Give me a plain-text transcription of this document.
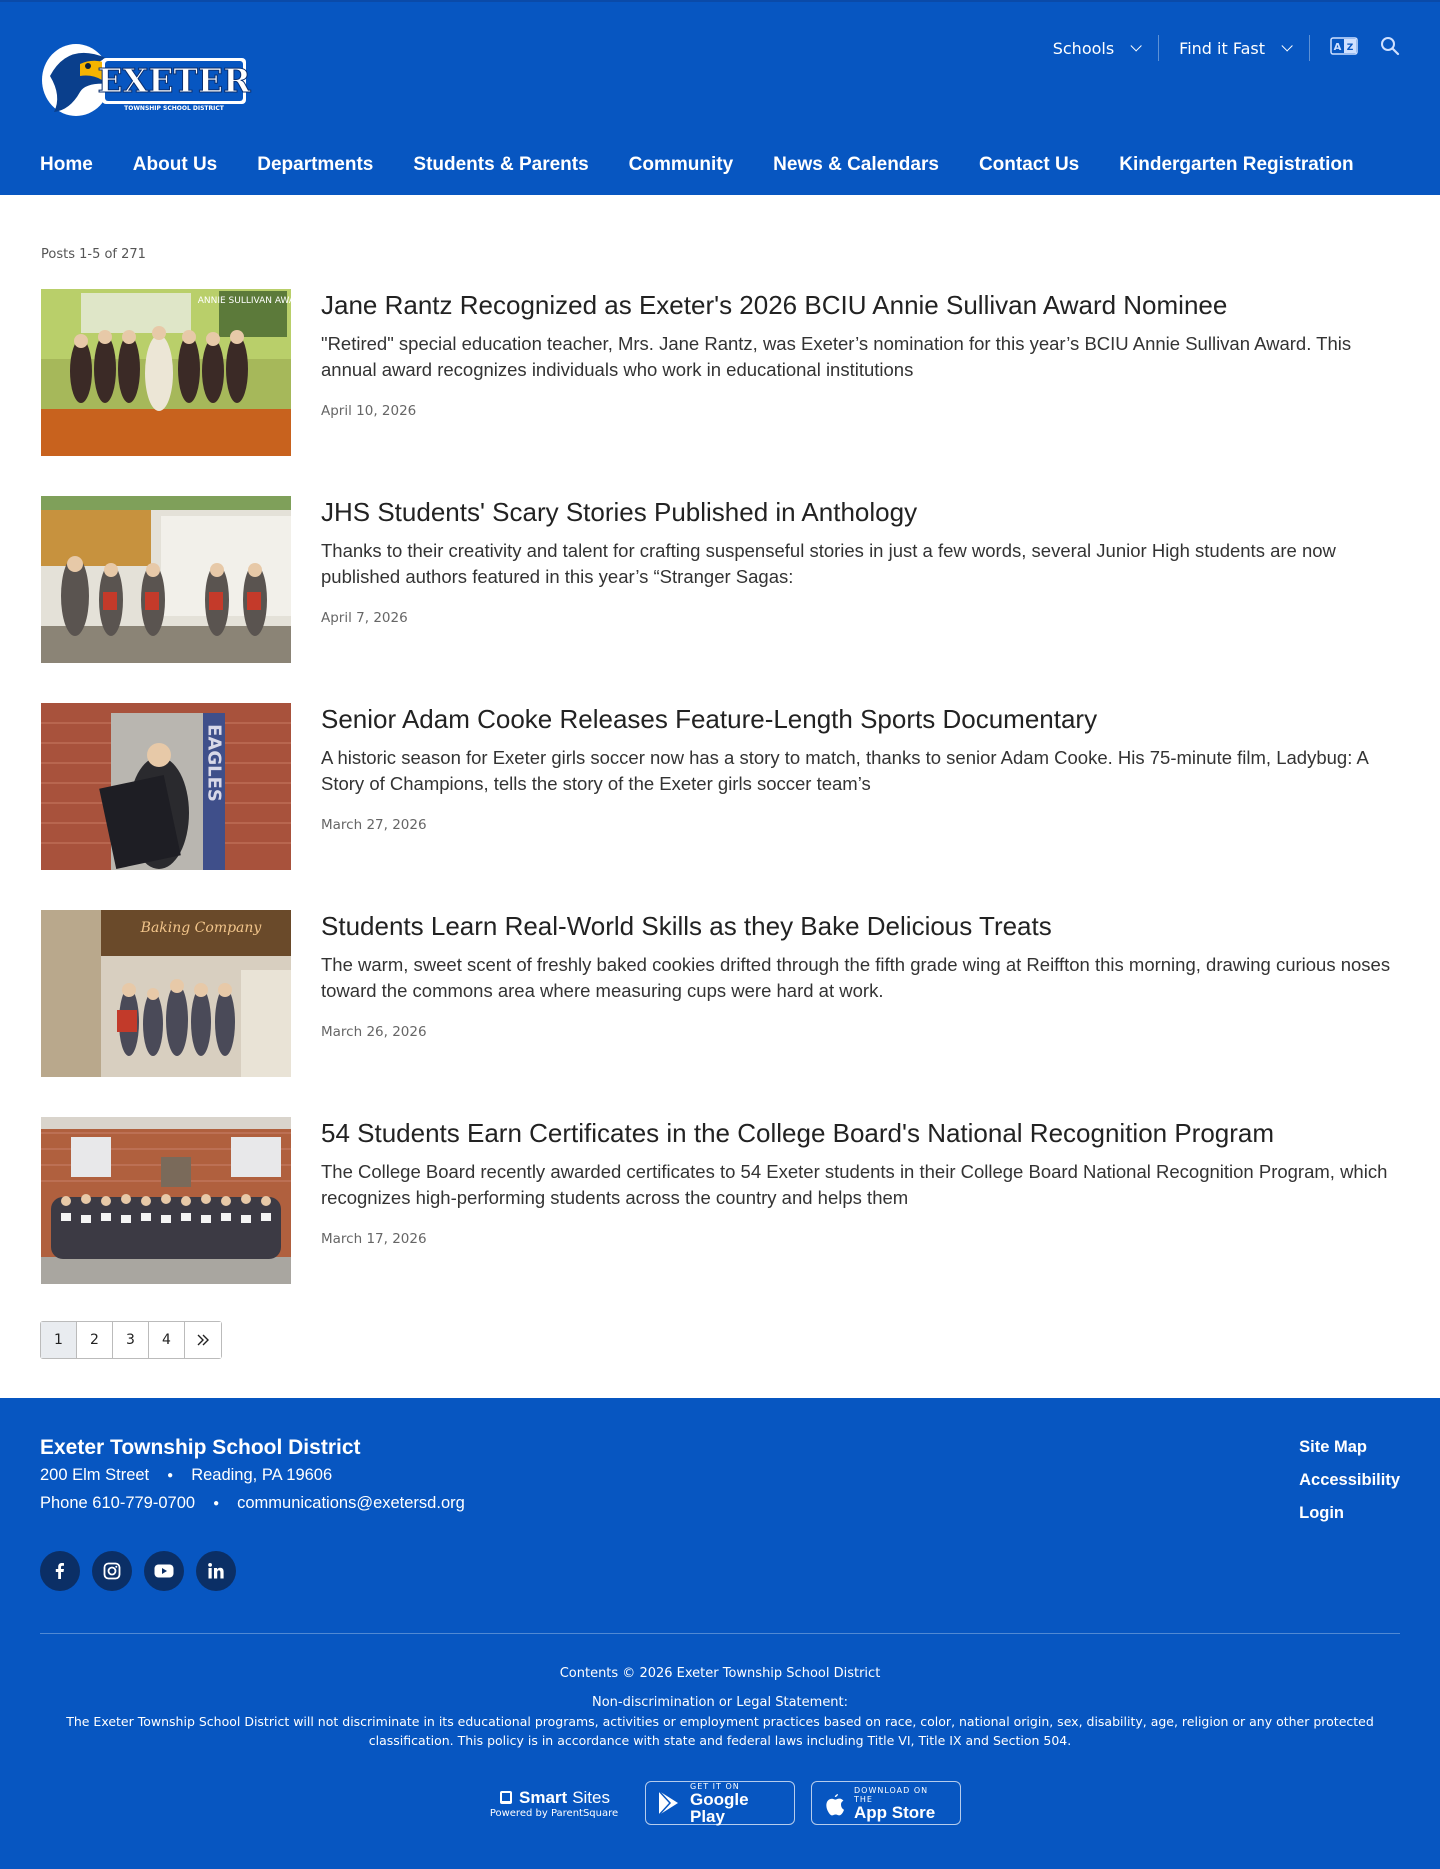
EXETER
TOWNSHIP SCHOOL DISTRICT
Schools	Find it Fast	A Z
Home About Us Departments Students & Parents Community News & Calendars Contact Us Kindergarten Registration
Posts 1-5 of 271
ANNIE SULLIVAN AWARD Jane Rantz Recognized as Exeter's 2026 BCIU Annie Sullivan Award Nominee

"Retired" special education teacher, Mrs. Jane Rantz, was Exeter’s nomination for this year’s BCIU Annie Sullivan Award. This annual award recognizes individuals who work in educational institutions

April 10, 2026

JHS Students' Scary Stories Published in Anthology

Thanks to their creativity and talent for crafting suspenseful stories in just a few words, several Junior High students are now published authors featured in this year’s “Stranger Sagas:

April 7, 2026

EAGLES
Senior Adam Cooke Releases Feature-Length Sports Documentary

A historic season for Exeter girls soccer now has a story to match, thanks to senior Adam Cooke. His 75-minute film, Ladybug: A Story of Champions, tells the story of the Exeter girls soccer team’s

March 27, 2026

Baking Company Students Learn Real-World Skills as they Bake Delicious Treats

The warm, sweet scent of freshly baked cookies drifted through the fifth grade wing at Reiffton this morning, drawing curious noses toward the commons area where measuring cups were hard at work.

March 26, 2026

54 Students Earn Certificates in the College Board's National Recognition Program

The College Board recently awarded certificates to 54 Exeter students in their College Board National Recognition Program, which recognizes high-performing students across the country and helps them

March 17, 2026

1	2	3	4
Exeter Township School District
200 Elm Street ● Reading, PA 19606
Phone 610-779-0700 ● communications@exetersd.org
Site Map
Accessibility
Login
Contents © 2026 Exeter Township School District
Non-discrimination or Legal Statement:
The Exeter Township School District will not discriminate in its educational programs, activities or employment practices based on race, color, national origin, sex, disability, age, religion or any other protected classification. This policy is in accordance with state and federal laws including Title VI, Title IX and Section 504.
Smart Sites
Powered by ParentSquare
GET IT ON
Google Play
DOWNLOAD ON THE
App Store
